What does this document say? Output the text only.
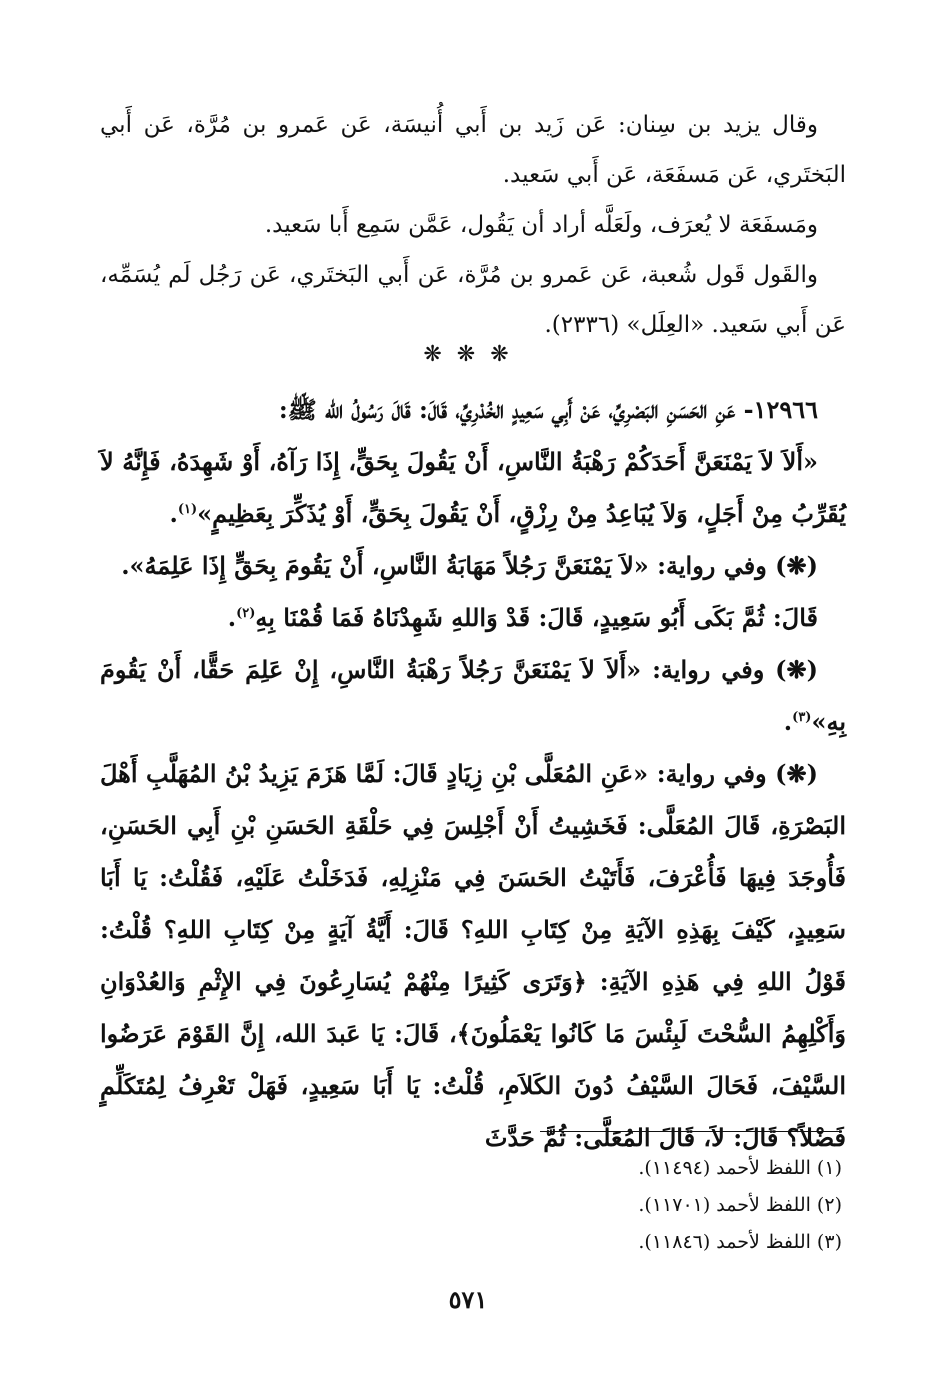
وقال يزيد بن سِنان: عَن زَيد بن أَبي أُنيسَة، عَن عَمرو بن مُرَّة، عَن أَبي البَختَري، عَن مَسفَعَة، عَن أَبي سَعيد.

ومَسفَعَة لا يُعرَف، ولَعَلَّه أراد أن يَقُول، عَمَّن سَمِع أَبا سَعيد.

والقَول قَول شُعبة، عَن عَمرو بن مُرَّة، عَن أَبي البَختَري، عَن رَجُل لَم يُسَمِّه، عَن أَبي سَعيد. «العِلَل» (٢٣٣٦).

❋ ❋ ❋

١٢٩٦٦- عَنِ الحَسَنِ البَصْرِيِّ، عَنْ أَبِي سَعِيدٍ الخُدْرِيِّ، قَالَ: قَالَ رَسُولُ الله ﷺ:

«أَلاَ لاَ يَمْنَعَنَّ أَحَدَكُمْ رَهْبَةُ النَّاسِ، أَنْ يَقُولَ بِحَقٍّ، إِذَا رَآهُ، أَوْ شَهِدَهُ، فَإِنَّهُ لاَ يُقَرِّبُ مِنْ أَجَلٍ، وَلاَ يُبَاعِدُ مِنْ رِزْقٍ، أَنْ يَقُولَ بِحَقٍّ، أَوْ يُذَكِّرَ بِعَظِيمٍ»$^{(١)}$.

(❋) وفي رواية: «لاَ يَمْنَعَنَّ رَجُلاً مَهَابَةُ النَّاسِ، أَنْ يَقُومَ بِحَقٍّ إِذَا عَلِمَهُ».

قَالَ: ثُمَّ بَكَى أَبُو سَعِيدٍ، قَالَ: قَدْ وَاللهِ شَهِدْنَاهُ فَمَا قُمْنَا بِهِ$^{(٢)}$.

(❋) وفي رواية: «أَلاَ لاَ يَمْنَعَنَّ رَجُلاً رَهْبَةُ النَّاسِ، إِنْ عَلِمَ حَقًّا، أَنْ يَقُومَ بِهِ»$^{(٣)}$.

(❋) وفي رواية: «عَنِ المُعَلَّى بْنِ زِيَادٍ قَالَ: لَمَّا هَزَمَ يَزِيدُ بْنُ المُهَلَّبِ أَهْلَ البَصْرَةِ، قَالَ المُعَلَّى: فَخَشِيتُ أَنْ أَجْلِسَ فِي حَلْقَةِ الحَسَنِ بْنِ أَبِي الحَسَنِ، فَأُوجَدَ فِيهَا فَأُعْرَفَ، فَأَتَيْتُ الحَسَنَ فِي مَنْزِلِهِ، فَدَخَلْتُ عَلَيْهِ، فَقُلْتُ: يَا أَبَا سَعِيدٍ، كَيْفَ بِهَذِهِ الآيَةِ مِنْ كِتَابِ اللهِ؟ قَالَ: أَيَّةُ آيَةٍ مِنْ كِتَابِ اللهِ؟ قُلْتُ: قَوْلُ اللهِ فِي هَذِهِ الآيَةِ: ﴿وَتَرَى كَثِيرًا مِنْهُمْ يُسَارِعُونَ فِي الإِثْمِ وَالعُدْوَانِ وَأَكْلِهِمُ السُّحْتَ لَبِئْسَ مَا كَانُوا يَعْمَلُونَ﴾، قَالَ: يَا عَبدَ الله، إِنَّ القَوْمَ عَرَضُوا السَّيْفَ، فَحَالَ السَّيْفُ دُونَ الكَلاَمِ، قُلْتُ: يَا أَبَا سَعِيدٍ، فَهَلْ تَعْرِفُ لِمُتَكَلِّمٍ فَضْلاً؟ قَالَ: لاَ، قَالَ المُعَلَّى: ثُمَّ حَدَّثَ

(١) اللفظ لأحمد (١١٤٩٤).

(٢) اللفظ لأحمد (١١٧٠١).

(٣) اللفظ لأحمد (١١٨٤٦).

٥٧١
